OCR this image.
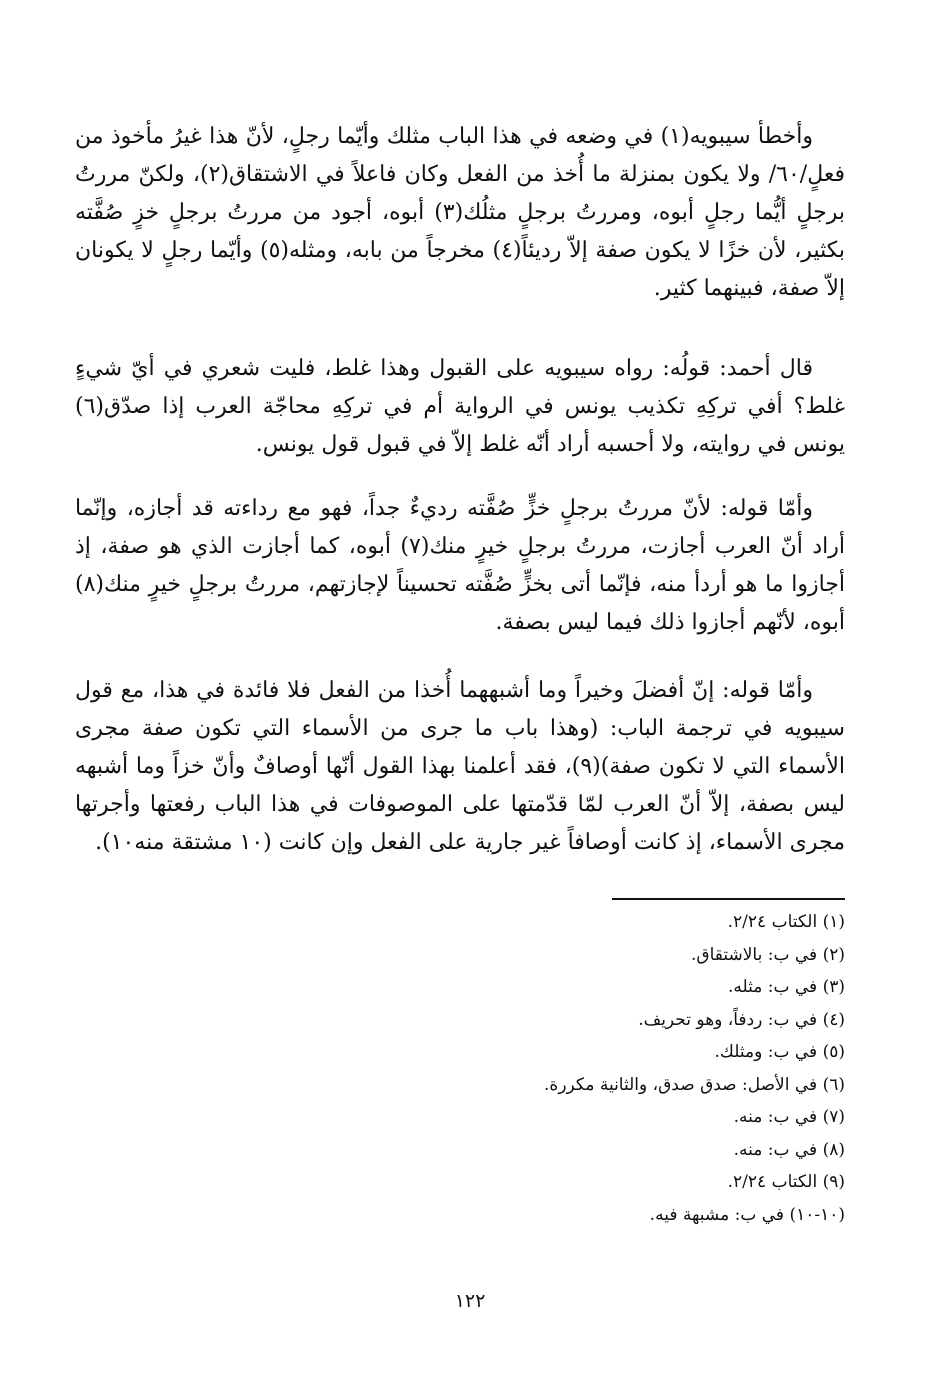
وأخطأ سيبويه(١) في وضعه في هذا الباب مثلك وأيّما رجلٍ، لأنّ هذا غيرُ مأخوذ من فعلٍ/٦٠/ ولا يكون بمنزلة ما أُخذ من الفعل وكان فاعلاً في الاشتقاق(٢)، ولكنّ مررتُ برجلٍ أيُّما رجلٍ أبوه، ومررتُ برجلٍ مثلُك(٣) أبوه، أجود من مررتُ برجلٍ خزٍ صُفَّته بكثير، لأن خزًا لا يكون صفة إلاّ رديئاً(٤) مخرجاً من بابه، ومثله(٥) وأيّما رجلٍ لا يكونان إلاّ صفة، فبينهما كثير.

قال أحمد: قولُه: رواه سيبويه على القبول وهذا غلط، فليت شعري في أيّ شيءٍ غلط؟ أفي تركِهِ تكذيب يونس في الرواية أم في تركِهِ محاجّة العرب إذا صدّق(٦) يونس في روايته، ولا أحسبه أراد أنّه غلط إلاّ في قبول قول يونس.

وأمّا قوله: لأنّ مررتُ برجلٍ خزٍّ صُفَّته رديءٌ جداً، فهو مع رداءته قد أجازه، وإنّما أراد أنّ العرب أجازت، مررتُ برجلٍ خيرٍ منك(٧) أبوه، كما أجازت الذي هو صفة، إذ أجازوا ما هو أردأ منه، فإنّما أتى بخزٍّ صُفَّته تحسيناً لإجازتهم، مررتُ برجلٍ خيرٍ منك(٨) أبوه، لأنّهم أجازوا ذلك فيما ليس بصفة.

وأمّا قوله: إنّ أفضلَ وخيراً وما أشبههما أُخذا من الفعل فلا فائدة في هذا، مع قول سيبويه في ترجمة الباب: (وهذا باب ما جرى من الأسماء التي تكون صفة مجرى الأسماء التي لا تكون صفة)(٩)، فقد أعلمنا بهذا القول أنّها أوصافٌ وأنّ خزاً وما أشبهه ليس بصفة، إلاّ أنّ العرب لمّا قدّمتها على الموصوفات في هذا الباب رفعتها وأجرتها مجرى الأسماء، إذ كانت أوصافاً غير جارية على الفعل وإن كانت (١٠ مشتقة منه١٠).

(١) الكتاب ٢/٢٤.
(٢) في ب: بالاشتقاق.
(٣) في ب: مثله.
(٤) في ب: ردفاً، وهو تحريف.
(٥) في ب: ومثلك.
(٦) في الأصل: صدق صدق، والثانية مكررة.
(٧) في ب: منه.
(٨) في ب: منه.
(٩) الكتاب ٢/٢٤.
(١٠-١٠) في ب: مشبهة فيه.
١٢٢
